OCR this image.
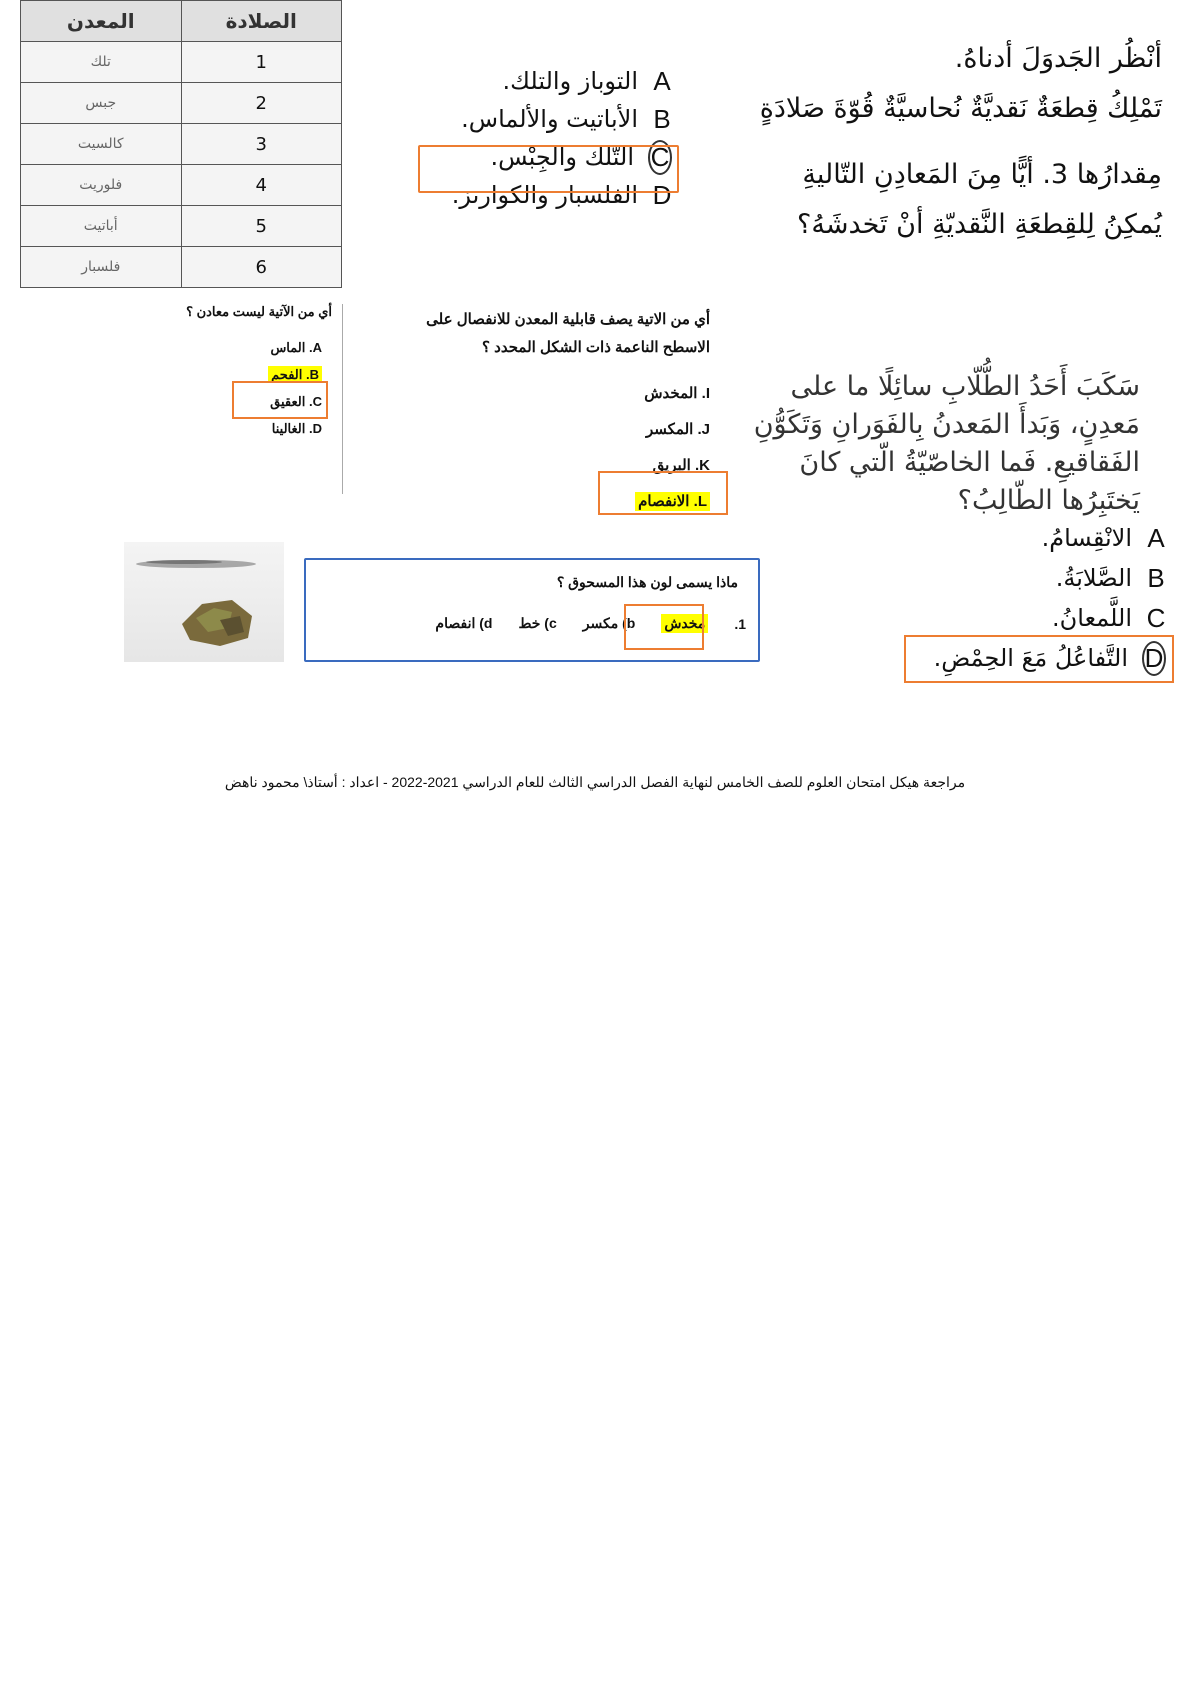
المعدن	الصلادة
تلك	1
جبس	2
كالسيت	3
فلوريت	4
أباتيت	5
فلسبار	6
أنْظُر الجَدوَلَ أدناهُ.
تَمْلِكُ قِطعَةٌ نَقديَّةٌ نُحاسيَّةٌ قُوّةَ صَلادَةٍ
مِقدارُها 3. أيًّا مِنَ المَعادِنِ التّاليةِ
يُمكِنُ لِلقِطعَةِ النَّقديّةِ أنْ تَخدشَهُ؟
A
التوباز والتلك.
B
الأباتيت والألماس.
C
التّلك والجِبْس.
D
الفلسبار والكوارتز.
أي من الآتية ليست معادن ؟
A. الماس
B. الفحم
C. العقيق
D. الغالينا
أي من الاتية يصف قابلية المعدن للانفصال على
الاسطح الناعمة ذات الشكل المحدد ؟
I. المخدش
J. المكسر
K. البريق
L. الانفصام
سَكَبَ أَحَدُ الطُّلّابِ سائِلًا ما على
مَعدِنٍ، وَبَدأَ المَعدنُ بِالفَوَرانِ وَتَكَوُّنِ
الفَقاقيعِ. فَما الخاصّيّةُ الّتي كانَ
يَختَبِرُها الطّالِبُ؟
A
الانْقِسامُ.
B
الصَّلابَةُ.
C
اللَّمعانُ.
D
التَّفاعُلُ مَعَ الحِمْضِ.
ماذا يسمى لون هذا المسحوق ؟
1.
مخدش
b) مكسر
c) خط
d) انفصام
مراجعة هيكل امتحان العلوم للصف الخامس لنهاية الفصل الدراسي الثالث للعام الدراسي 2021-2022 - اعداد : أستاذ\ محمود ناهض
